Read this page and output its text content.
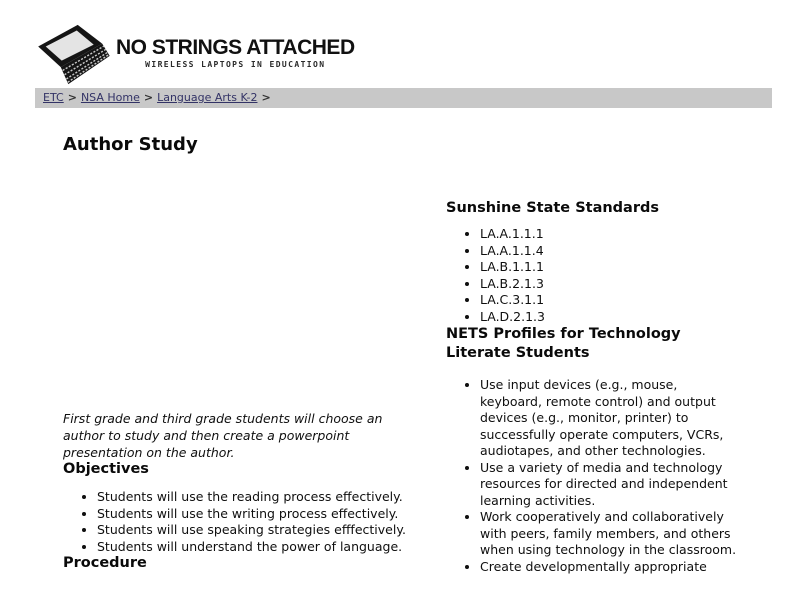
NO STRINGS ATTACHED
WIRELESS LAPTOPS IN EDUCATION
ETC > NSA Home > Language Arts K-2 >
Author Study

First grade and third grade students will choose an author to study and then create a powerpoint presentation on the author.

Objectives
• Students will use the reading process effectively.
• Students will use the writing process effectively.
• Students will use speaking strategies efffectively.
• Students will understand the power of language.
Procedure
Sunshine State Standards
• LA.A.1.1.1
• LA.A.1.1.4
• LA.B.1.1.1
• LA.B.2.1.3
• LA.C.3.1.1
• LA.D.2.1.3
NETS Profiles for Technology Literate Students
• Use input devices (e.g., mouse, keyboard, remote control) and output devices (e.g., monitor, printer) to successfully operate computers, VCRs, audiotapes, and other technologies.
• Use a variety of media and technology resources for directed and independent learning activities.
• Work cooperatively and collaboratively with peers, family members, and others when using technology in the classroom.
• Create developmentally appropriate
